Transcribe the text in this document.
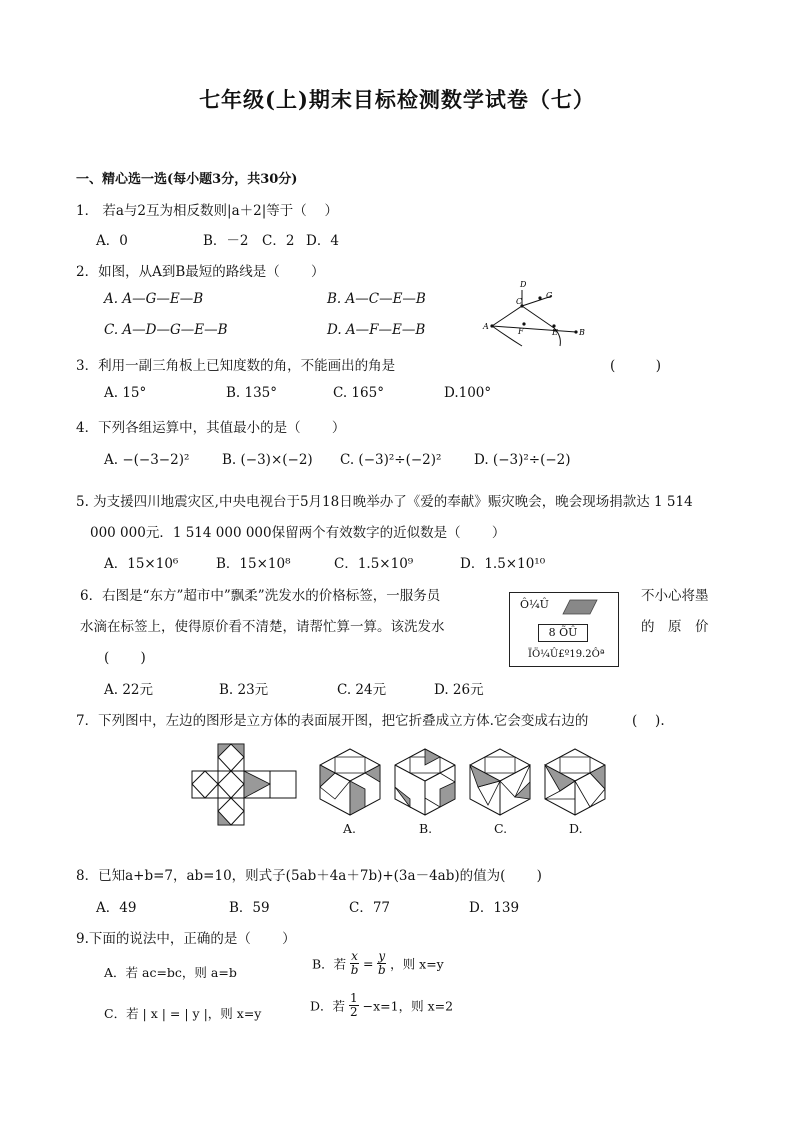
七年级(上)期末目标检测数学试卷（七）
一、精心选一选(每小题3分，共30分)
1． 若a与2互为相反数则|a＋2|等于（　 ）
A．0	B．－2 C．2 D．4
2．如图，从A到B最短的路线是（　　 ）
A. A—G—E—B	B. A—C—E—B
C. A—D—G—E—B	D. A—F—E—B	A
B
C
D
E
F
G
3．利用一副三角板上已知度数的角，不能画出的角是	(　　　)
A. 15°	B. 135°	C. 165°	D.100°
4．下列各组运算中，其值最小的是（　　 ）
A. −(−3−2)² B. (−3)×(−2) C. (−3)²÷(−2)² D. (−3)²÷(−2)
5. 为支援四川地震灾区,中央电视台于5月18日晚举办了《爱的奉献》赈灾晚会，晚会现场捐款达 1 514
000 000元．1 514 000 000保留两个有效数字的近似数是（　　 ）
A．15×10⁶	B．15×10⁸	C．1.5×10⁹	D．1.5×10¹⁰
6．右图是“东方”超市中”飘柔”洗发水的价格标签，一服务员	不小心将墨
水滴在标签上，使得原价看不清楚，请帮忙算一算。该洗发水	的　原　价
(　　 )
Ô¼Û
8 ÕÛ
ÏÖ¼Û£º19.2Ôª
A. 22元	B. 23元	C. 24元	D. 26元
7．下列图中，左边的图形是立方体的表面展开图，把它折叠成立方体.它会变成右边的	(　 ).
A.	B.	C.	D.
8．已知a+b=7，ab=10，则式子(5ab＋4a＋7b)+(3a－4ab)的值为(　　 )
A．49	B．59	C．77	D．139
9.下面的说法中，正确的是（　　 ）
A．若 ac=bc，则 a=b
B．若 $\frac{x}{b} = \frac{y}{b}$ ，则 x=y
C．若 | x | = | y |，则 x=y	D．若 $\frac{1}{2} -x=1$，则 x=2
